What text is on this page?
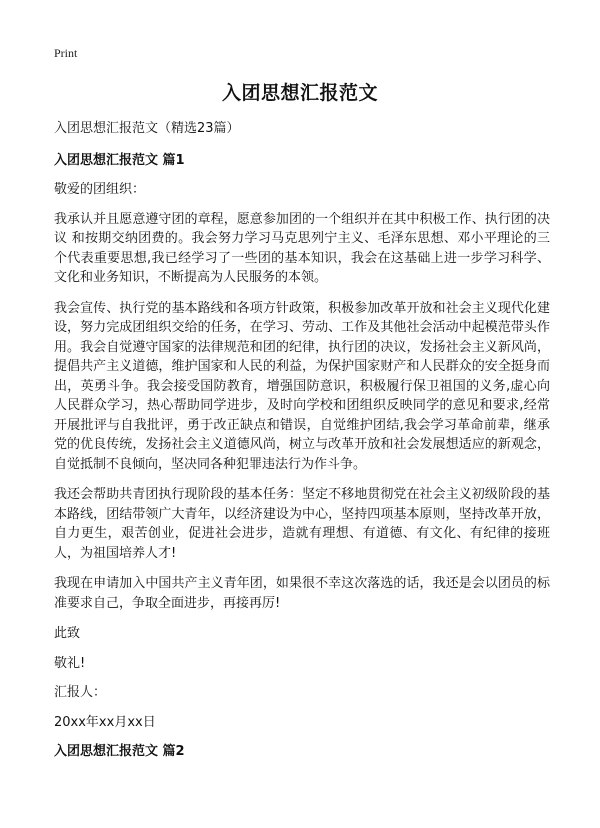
Print
入团思想汇报范文

入团思想汇报范文（精选23篇）

入团思想汇报范文 篇1

敬爱的团组织：

我承认并且愿意遵守团的章程，愿意参加团的一个组织并在其中积极工作、执行团的决议 和按期交纳团费的。我会努力学习马克思列宁主义、毛泽东思想、邓小平理论的三个代表重要思想,我已经学习了一些团的基本知识，我会在这基础上进一步学习科学、文化和业务知识，不断提高为人民服务的本领。

我会宣传、执行党的基本路线和各项方针政策，积极参加改革开放和社会主义现代化建设，努力完成团组织交给的任务，在学习、劳动、工作及其他社会活动中起模范带头作用。我会自觉遵守国家的法律规范和团的纪律，执行团的决议，发扬社会主义新风尚，提倡共产主义道德，维护国家和人民的利益，为保护国家财产和人民群众的安全挺身而出，英勇斗争。我会接受国防教育，增强国防意识，积极履行保卫祖国的义务,虚心向人民群众学习，热心帮助同学进步，及时向学校和团组织反映同学的意见和要求,经常开展批评与自我批评，勇于改正缺点和错误，自觉维护团结,我会学习革命前辈，继承党的优良传统，发扬社会主义道德风尚，树立与改革开放和社会发展想适应的新观念，自觉抵制不良倾向，坚决同各种犯罪违法行为作斗争。

我还会帮助共青团执行现阶段的基本任务：坚定不移地贯彻党在社会主义初级阶段的基本路线，团结带领广大青年，以经济建设为中心，坚持四项基本原则，坚持改革开放，自力更生，艰苦创业，促进社会进步，造就有理想、有道德、有文化、有纪律的接班人，为祖国培养人才!

我现在申请加入中国共产主义青年团，如果很不幸这次落选的话，我还是会以团员的标准要求自己，争取全面进步，再接再厉!

此致

敬礼!

汇报人：

20xx年xx月xx日

入团思想汇报范文 篇2
